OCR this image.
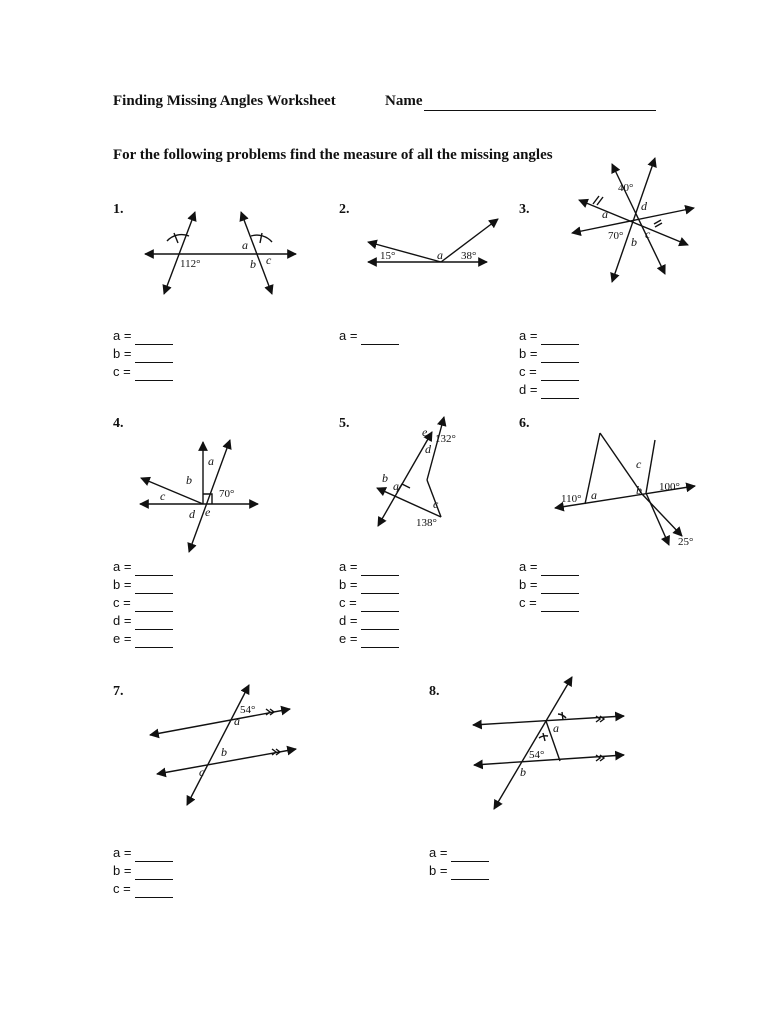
Finding Missing Angles Worksheet	Name
For the following problems find the measure of all the missing angles
1.	2.	3.
4.	5.	6.
7.	8.
112°
a
b c	15°	a 38°
40°
a
d
70° c
b
a
b
c	70°
d e
e 132°
d
b
a
c
138°
c
110° a	b 100°
25°
54°
a
b
c
a
54°
b
a =
b =
c =
a =	a =
b =
c =
d =
a =
b =
c =
d =
e =
a =
b =
c =
d =
e =
a =
b =
c =
a =
b =
c =
a =
b =
